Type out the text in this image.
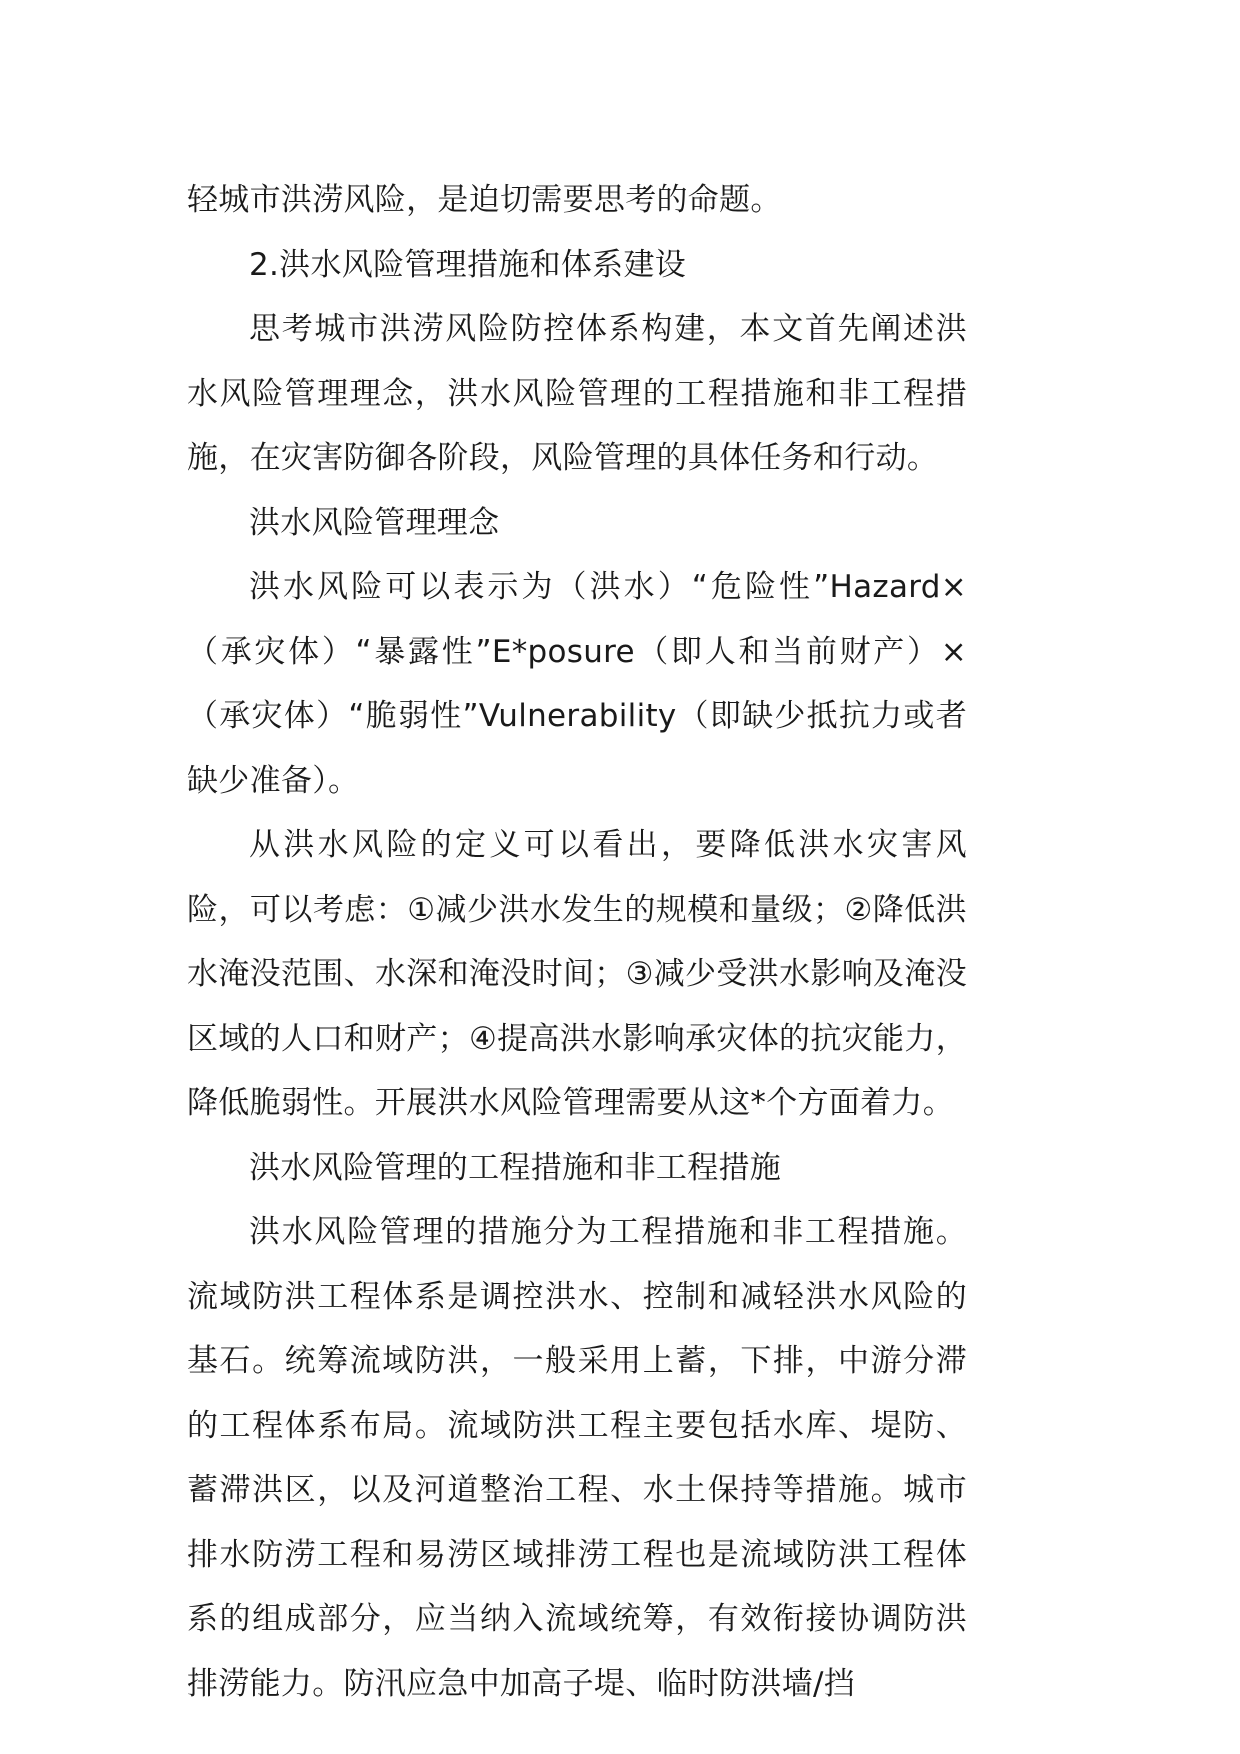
轻城市洪涝风险，是迫切需要思考的命题。

2.洪水风险管理措施和体系建设

思考城市洪涝风险防控体系构建，本文首先阐述洪水风险管理理念，洪水风险管理的工程措施和非工程措施，在灾害防御各阶段，风险管理的具体任务和行动。

洪水风险管理理念

洪水风险可以表示为（洪水）“危险性”Hazard×（承灾体）“暴露性”E*posure（即人和当前财产）×（承灾体）“脆弱性”Vulnerability（即缺少抵抗力或者缺少准备）。

从洪水风险的定义可以看出，要降低洪水灾害风险，可以考虑：①减少洪水发生的规模和量级；②降低洪水淹没范围、水深和淹没时间；③减少受洪水影响及淹没区域的人口和财产；④提高洪水影响承灾体的抗灾能力，降低脆弱性。开展洪水风险管理需要从这*个方面着力。

洪水风险管理的工程措施和非工程措施

洪水风险管理的措施分为工程措施和非工程措施。流域防洪工程体系是调控洪水、控制和减轻洪水风险的基石。统筹流域防洪，一般采用上蓄，下排，中游分滞的工程体系布局。流域防洪工程主要包括水库、堤防、蓄滞洪区，以及河道整治工程、水土保持等措施。城市排水防涝工程和易涝区域排涝工程也是流域防洪工程体系的组成部分，应当纳入流域统筹，有效衔接协调防洪排涝能力。防汛应急中加高子堤、临时防洪墙/挡
